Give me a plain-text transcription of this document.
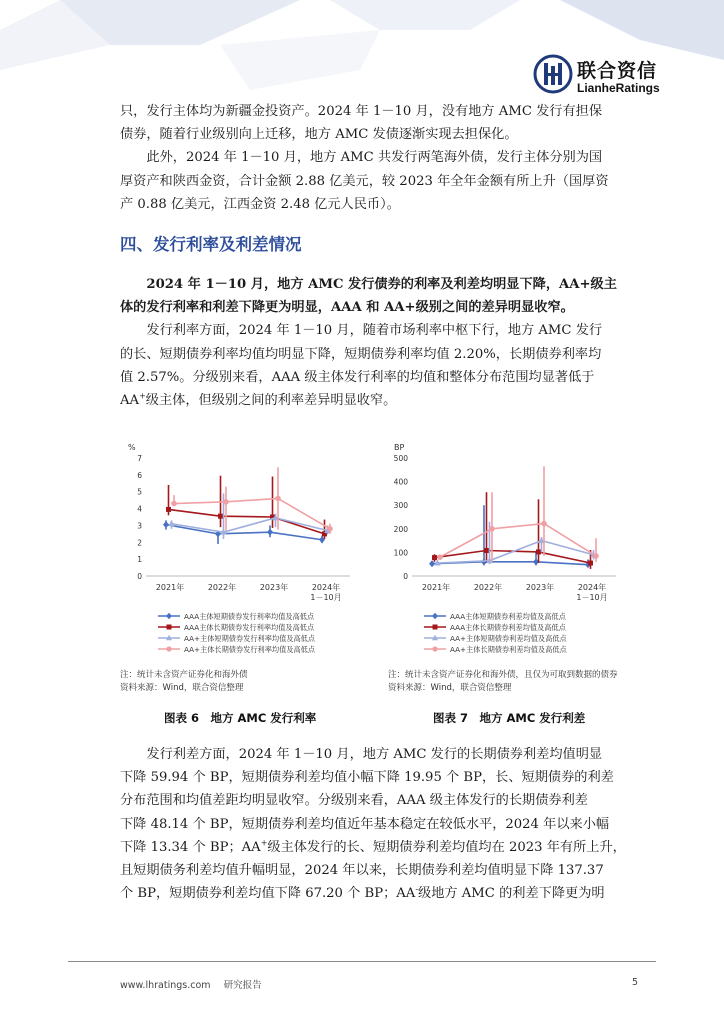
联合资信
LianheRatings

只，发行主体均为新疆金投资产。2024 年 1－10 月，没有地方 AMC 发行有担保

债券，随着行业级别向上迁移，地方 AMC 发债逐渐实现去担保化。

此外，2024 年 1－10 月，地方 AMC 共发行两笔海外债，发行主体分别为国

厚资产和陕西金资，合计金额 2.88 亿美元，较 2023 年全年金额有所上升（国厚资

产 0.88 亿美元，江西金资 2.48 亿元人民币）。

四、发行利率及利差情况

2024 年 1－10 月，地方 AMC 发行债券的利率及利差均明显下降，AA+级主

体的发行利率和利差下降更为明显，AAA 和 AA+级别之间的差异明显收窄。

发行利率方面，2024 年 1－10 月，随着市场利率中枢下行，地方 AMC 发行

的长、短期债券利率均值均明显下降，短期债券利率均值 2.20%，长期债券利率均

值 2.57%。分级别来看，AAA 级主体发行利率的均值和整体分布范围均显著低于

AA+级主体，但级别之间的利率差异明显收窄。

%
0
1
2
3
4
5
6
7
2021年	2022年	2023年	2024年
1－10月
AAA主体短期债券发行利率均值及高低点
AAA主体长期债券发行利率均值及高低点
AA+主体短期债券发行利率均值及高低点
AA+主体长期债券发行利率均值及高低点
BP
0
100
200
300
400
500
2021年	2022年	2023年	2024年
1－10月
AAA主体短期债券利差均值及高低点
AAA主体长期债券利差均值及高低点
AA+主体短期债券利差均值及高低点
AA+主体长期债券利差均值及高低点
注：统计未含资产证券化和海外债
资料来源：Wind，联合资信整理
注：统计未含资产证券化和海外债，且仅为可取到数据的债券
资料来源：Wind，联合资信整理
图表 6　地方 AMC 发行利率	图表 7　地方 AMC 发行利差

发行利差方面，2024 年 1－10 月，地方 AMC 发行的长期债券利差均值明显

下降 59.94 个 BP，短期债券利差均值小幅下降 19.95 个 BP，长、短期债券的利差

分布范围和均值差距均明显收窄。分级别来看，AAA 级主体发行的长期债券利差

下降 48.14 个 BP，短期债券利差均值近年基本稳定在较低水平，2024 年以来小幅

下降 13.34 个 BP；AA+级主体发行的长、短期债券利差均值均在 2023 年有所上升，

且短期债务利差均值升幅明显，2024 年以来，长期债券利差均值明显下降 137.37

个 BP，短期债券利差均值下降 67.20 个 BP；AA-级地方 AMC 的利差下降更为明

www.lhratings.com 研究报告	5
